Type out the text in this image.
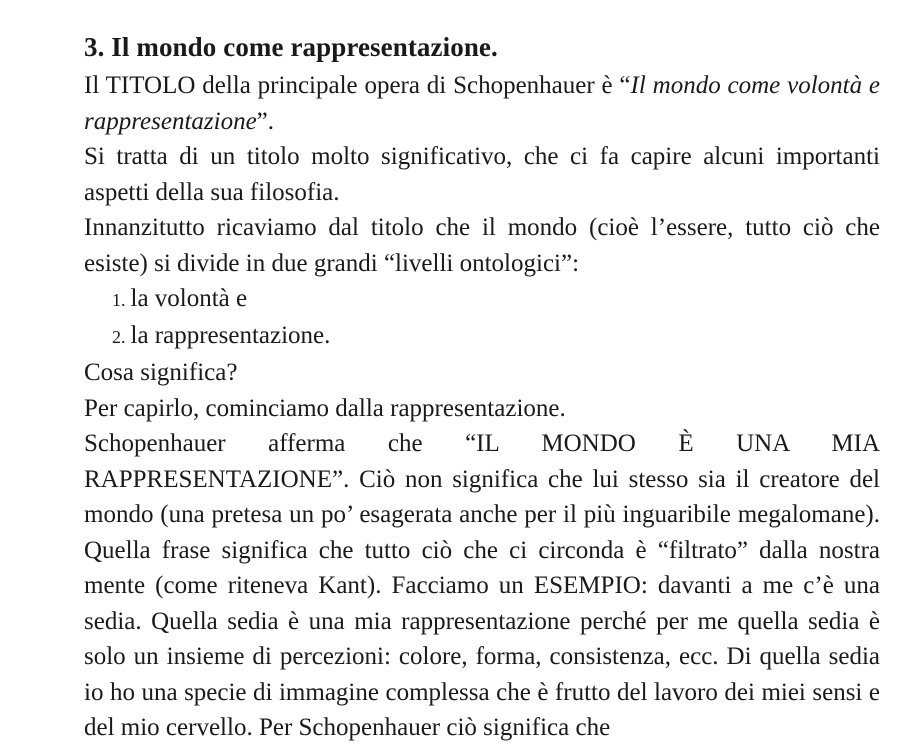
3. Il mondo come rappresentazione.

Il TITOLO della principale opera di Schopenhauer è “Il mondo come volontà e rappresentazione”.

Si tratta di un titolo molto significativo, che ci fa capire alcuni importanti aspetti della sua filosofia.

Innanzitutto ricaviamo dal titolo che il mondo (cioè l’essere, tutto ciò che esiste) si divide in due grandi “livelli ontologici”:

1. la volontà e
2. la rappresentazione.

Cosa significa?

Per capirlo, cominciamo dalla rappresentazione.

Schopenhauer afferma che “IL MONDO È UNA MIA RAPPRESENTAZIONE”. Ciò non significa che lui stesso sia il creatore del mondo (una pretesa un po’ esagerata anche per il più inguaribile megalomane). Quella frase significa che tutto ciò che ci circonda è “filtrato” dalla nostra mente (come riteneva Kant). Facciamo un ESEMPIO: davanti a me c’è una sedia. Quella sedia è una mia rappresentazione perché per me quella sedia è solo un insieme di percezioni: colore, forma, consistenza, ecc. Di quella sedia io ho una specie di immagine complessa che è frutto del lavoro dei miei sensi e del mio cervello. Per Schopenhauer ciò significa che
